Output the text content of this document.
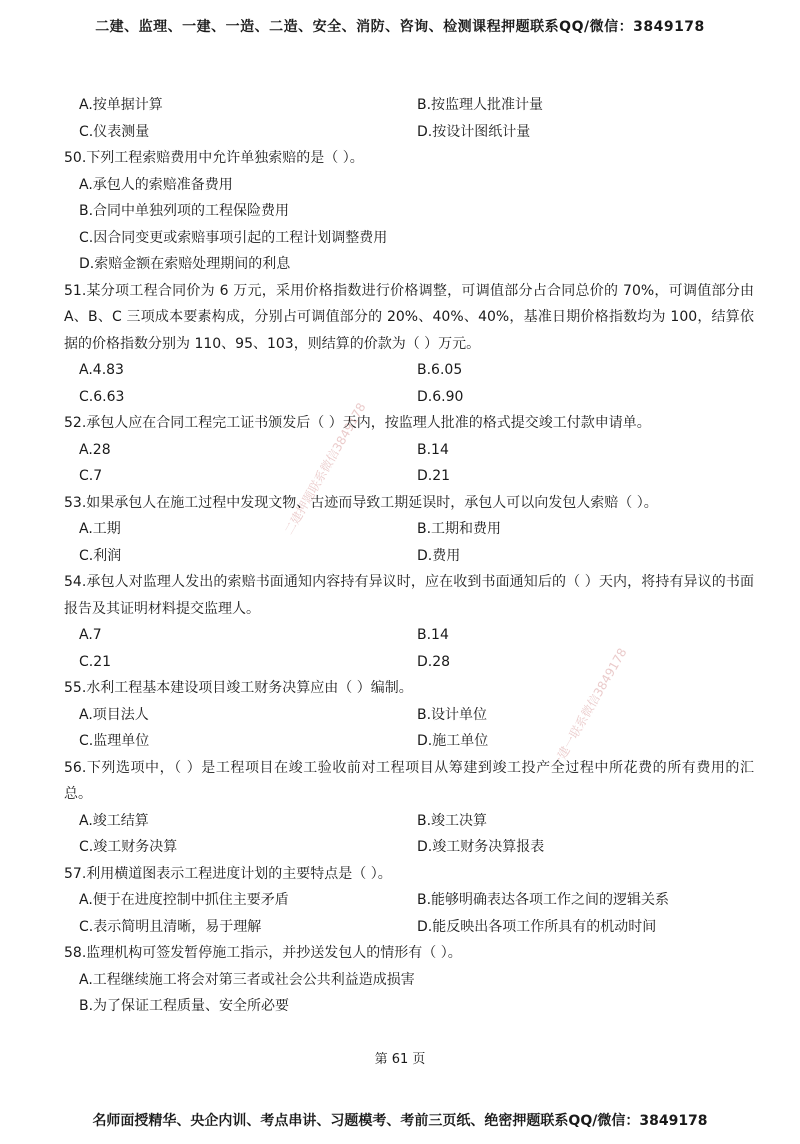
二建、监理、一建、一造、二造、安全、消防、咨询、检测课程押题联系QQ/微信：3849178
二建押题联系微信3849178
一建一联系微信3849178
A.按单据计算	B.按监理人批准计量
C.仪表测量	D.按设计图纸计量
50.下列工程索赔费用中允许单独索赔的是（ ）。
A.承包人的索赔准备费用
B.合同中单独列项的工程保险费用
C.因合同变更或索赔事项引起的工程计划调整费用
D.索赔金额在索赔处理期间的利息
51.某分项工程合同价为 6 万元，采用价格指数进行价格调整，可调值部分占合同总价的 70%，可调值部分由 A、B、C 三项成本要素构成，分别占可调值部分的 20%、40%、40%，基准日期价格指数均为 100，结算依据的价格指数分别为 110、95、103，则结算的价款为（ ）万元。
A.4.83	B.6.05
C.6.63	D.6.90
52.承包人应在合同工程完工证书颁发后（ ）天内，按监理人批准的格式提交竣工付款申请单。
A.28	B.14
C.7	D.21
53.如果承包人在施工过程中发现文物、古迹而导致工期延误时，承包人可以向发包人索赔（ ）。
A.工期	B.工期和费用
C.利润	D.费用
54.承包人对监理人发出的索赔书面通知内容持有异议时，应在收到书面通知后的（ ）天内，将持有异议的书面报告及其证明材料提交监理人。
A.7	B.14
C.21	D.28
55.水利工程基本建设项目竣工财务决算应由（ ）编制。
A.项目法人	B.设计单位
C.监理单位	D.施工单位
56.下列选项中，（ ）是工程项目在竣工验收前对工程项目从筹建到竣工投产全过程中所花费的所有费用的汇总。
A.竣工结算	B.竣工决算
C.竣工财务决算	D.竣工财务决算报表
57.利用横道图表示工程进度计划的主要特点是（ ）。
A.便于在进度控制中抓住主要矛盾	B.能够明确表达各项工作之间的逻辑关系
C.表示简明且清晰，易于理解	D.能反映出各项工作所具有的机动时间
58.监理机构可签发暂停施工指示，并抄送发包人的情形有（ ）。
A.工程继续施工将会对第三者或社会公共利益造成损害
B.为了保证工程质量、安全所必要
第 61 页
名师面授精华、央企内训、考点串讲、习题模考、考前三页纸、绝密押题联系QQ/微信：3849178
